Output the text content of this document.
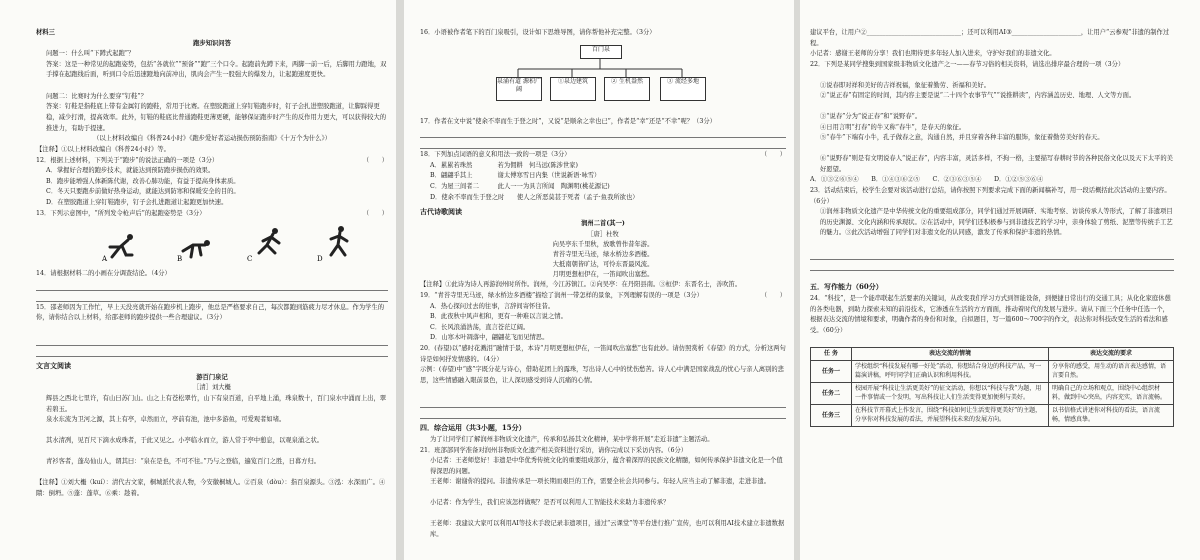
材料三

跑步知识问答

问题一：什么叫“下蹲式起跑”？

答案：这是一种常见的起跑姿势，包括“各就位”“预备”“跑”三个口令。起跑前先蹲下来，两脚一前一后，后脚用力蹬地，双手撑在起跑线后面，听到口令后迅速蹬地向前冲出，肌肉会产生一股强大的爆发力，让起跑速度更快。

问题二：比赛时为什么要穿“钉鞋”？

答案：钉鞋是指鞋底上带有金属钉的跑鞋，常用于比赛。在塑胶跑道上穿钉鞋跑步时，钉子会扎进塑胶跑道，让脚踩得更稳，减少打滑，提高效率。此外，钉鞋的鞋底比普通跑鞋更薄更硬，能够保证跑步时产生的反作用力更大，可以获得较大的推进力，有助于提速。

（以上材料改编自《科普24小时》《跑步爱好者运动损伤预防指南》《十万个为什么》）

【注释】①以上材料改编自《科普24小时》等。

12．根据上述材料，下列关于“跑步”的说法正确的一项是（3分）	（　　）

A．掌握好合理的跑步技术，就能达到预防跑步损伤的效果。

B．跑步能增强人体新陈代谢，改善心肺功能，有益于提高身体素质。

C．冬天只要跑步前做好热身运动，就能达到防寒和保暖安全的目的。

D．在塑胶跑道上穿钉鞋跑步，钉子会扎进跑道让起跑更加快速。

13．下列示意图中，“所列发令枪声后”的起跑姿势是（3分）	（　　）

A	B	C	D

14．请根据材料二的小画在分调查结论。（4分）

15．邵老师因为工作忙，早上天没亮就开始在跑步机上跑步，他总是严格要求自己，每次都跑到筋疲力尽才休息。作为学生的你，请你结合以上材料，给邵老师的跑步提供一些合理建议。（3分）

文言文阅读

游百门泉记

［清］刘大櫆

辉县之西北七里许，有山曰苏门山。山之上有苍松翠竹，山下有泉百道，自平地上涌，珠泉数十，百门泉水中涌而上出，翠若碧玉。

泉水东流为卫河之源，其上有亭，卓然而立，亭前有池，池中多游鱼，可爱观者如堵。

其水清冽，见百尺下滴水成珠者，于此又见之。小亭临水而立，游人常于亭中憩息，以观泉涌之状。

青衫客者，蓬岛仙山人，谓其曰：“泉在是也，不可不往。”乃与之登临，遍览百门之胜，日暮方归。

【注释】①刘大櫆（kuí）：清代古文家，桐城派代表人物，今安徽桐城人。②百泉（dòu）：指百泉源头。③泓：水深而广。④隤：倒坍。⑤蓬：蓬草。⑥乘：趁着。

16．小语被作者笔下的百门泉吸引，设计如下思维导图，请你帮他补充完整。（3分）

百门泉
泉涌有道 源积广阔
①泉边建筑	② 生机盎然	③ 流经多地

17．作者在文中说“使余不率而生于登之时”，又说“是顺余之幸也已”，作者是“幸”还是“不幸”呢？（3分）

18．下列加点词语的意义和用法一致的一项是（3分）	（　　）

A．累累若珠然　　　　若为佣耕　何马远(陈涉世家)

B．翩翩乎其上　　　　谢太傅寒雪日内集（世说新语·咏雪）

C．为屋三间者二　　　此人一一为具言所闻　陶渊明(桃花源记)

D．使余不率而生于登之时　　使人之所恶莫甚于死者（孟子·鱼我所欲也）

古代诗歌阅读

润州二首(其一)

［唐］杜牧

向吴亭东千里秋，放歌曾作昔年游。

青苔寺里无马迹，绿水桥边多酒楼。

大抵南朝皆旷达，可怜东晋最风流。

月明更想桓伊在，一笛闻吹出塞愁。

【注释】①此诗为诗人再游润州时所作。润州，今江苏镇江。②向吴亭：在丹阳县南。③桓伊：东晋名士，善吹笛。

19．“青苔寺里无马迹，绿水桥边多酒楼”描绘了润州一带怎样的景象，下列理解有误的一项是（3分）	（　　）

A．热心探问过去的往事，言辞间寄怀往昔。

B．此夜秋中风声相和，更有一种难以言说之情。

C．长风浪涌浩荡，直言苍茫辽阔。

D．山寒木叶凋落中，翩翩花飞而见情思。

20．(春望)以“感时花溅泪”融情于景，本诗“月明更想桓伊在，一笛闻吹出塞愁”也有此妙。请仿照赏析《春望》的方式，分析这两句诗是如何抒发情感的。（4分）

示例：(春望)中“感”字既分花与诗心，借助花团上的露珠，写出诗人心中的忧伤愁苦。诗人心中满是国家战乱的忧心与亲人离别的悲思，这些情感融入眼前景色，让人深切感受到诗人沉痛的心情。

四．综合运用（共3小题，15分）

为了让同学们了解润州非物质文化遗产，传承和弘扬其文化精神，某中学将开展“走近非遗”主题活动。

21．班部部同学准备对润州非物质文化遗产相关资料进行采访，请你完成以下采访内容。（6分）

小记者：王老师您好！非遗是中华优秀传统文化的重要组成部分，蕴含着深厚的民族文化精髓，如何传承保护非遗文化是一个值得深思的问题。

王老师：谢谢你的提问。非遗传承是一项长期而艰巨的工作，需要全社会共同参与。年轻人应当主动了解非遗，走进非遗。

小记者：作为学生，我们应该怎样做呢？是否可以利用人工智能技术来助力非遗传承？

王老师：我建议大家可以利用AI等技术手段记录非遗项目，通过“云课堂”等平台进行推广宣传，也可以利用AI技术建立非遗数据库。

建议平台，让用户②______________________________；还可以利用AI③______________________，让用户“云参观”非遗的制作过程。

小记者：感谢王老师的分享！我们也期待更多年轻人加入进来，守护好我们的非遗文化。

22．下列是某同学搜集到国家级非物质文化遗产之一——春节习俗的相关资料，请选出排序最合理的一项（3分）

①说春即对祥和美好的吉祥祝福，象征着勤劳、祈福和美好。

②“说正春”有固定的时间，其内容主要是说“二十四个农事节气”“说推耕读”，内容涵盖历史、地理、人文等方面。

③“说春”分为“说正春”和“说野春”。

④日用言明“打春”的牛又称“春牛”，是春天的象征。

⑤“春牛”下端有小牛，孔子做春之意，沟通自然，并且穿着各种丰富的服饰，象征着勤劳美好的春天。

⑥“说野春”则是有文明说春人“说正春”，内容丰富，灵活多样，不拘一格，主要描写春耕时节的各种民俗文化以及天下太平的美好愿望。

A．①③②⑥⑤④　　B．①④③⑥②⑤　　C．②③⑥③⑤④　　D．①②⑤③⑥④

23．活动结束后，校学生会要对该活动进行总结，请你按照下列要求完成下面的新闻稿补写，用一段话概括此次活动的主要内容。（6分）

①润州非物质文化遗产是中华传统文化的重要组成部分，同学们通过开展调研、实地考察、访谈传承人等形式，了解了非遗项目的历史渊源、文化内涵和传承现状。②在活动中，同学们还积极参与到非遗技艺的学习中，亲身体验了剪纸、泥塑等传统手工艺的魅力。③此次活动增强了同学们对非遗文化的认同感，激发了传承和保护非遗的热情。

五．写作能力（60分）

24．“科技”，是一个能串联起生活要素的关键词，从改变我们学习方式到智能设备，到便捷日常出行的交通工具；从化化家庭休憩的各类电器，到助力探索未知的前沿技术，它渗透在生活的方方面面，推动着时代的发展与进步。请从下面三个任务中任选一个，根据表达交流的情境和要求，明确作者的身份和对象，自拟题目，写一篇600～700字的作文，表达你对科技改变生活的看法和感受。（60分）

任 务	表达交流的情境	表达交流的要求
任务一	学校组织“科技发展有哪一好处”活动，你想结合身边的科技产品，写一篇演讲稿，呼吁同学们正确认识和利用科技。	分享你的感受，用生动的语言表达感情，语言要自然。
任务二	校园开展“科技让生活更美好”的征文活动，你想以“科技与我”为题，用一件事情或一个发明，写出科技让人们生活变得更加便利与美好。	明确自己的立场和观点，围绕中心组织材料，做到中心突出，内容充实，语言流畅。
任务三	在科技节开幕式上作发言，围绕“科技如何让生活变得更美好”的主题，分享你对科技发展的看法，并展望科技未来的发展方向。	以书信格式讲述你对科技的看法，语言流畅，情感真挚。
